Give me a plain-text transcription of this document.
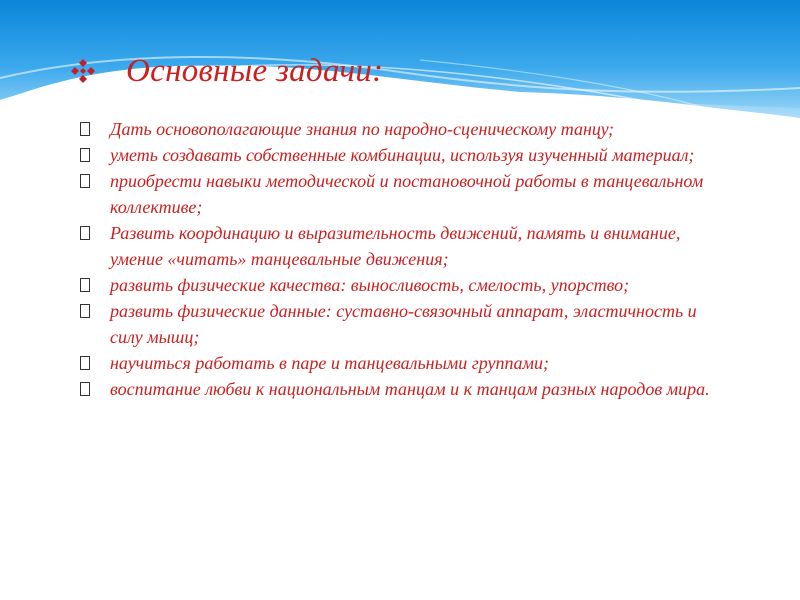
Основные задачи:
Дать основополагающие знания по народно-сценическому танцу;
уметь создавать собственные комбинации, используя изученный материал;
приобрести навыки методической и постановочной работы в танцевальном коллективе;
Развить координацию и выразительность движений, память и внимание, умение «читать» танцевальные движения;
развить физические качества: выносливость, смелость, упорство;
развить физические данные: суставно-связочный аппарат, эластичность и силу мышц;
научиться работать в паре и танцевальными группами;
воспитание любви к национальным танцам и к танцам разных народов мира.
